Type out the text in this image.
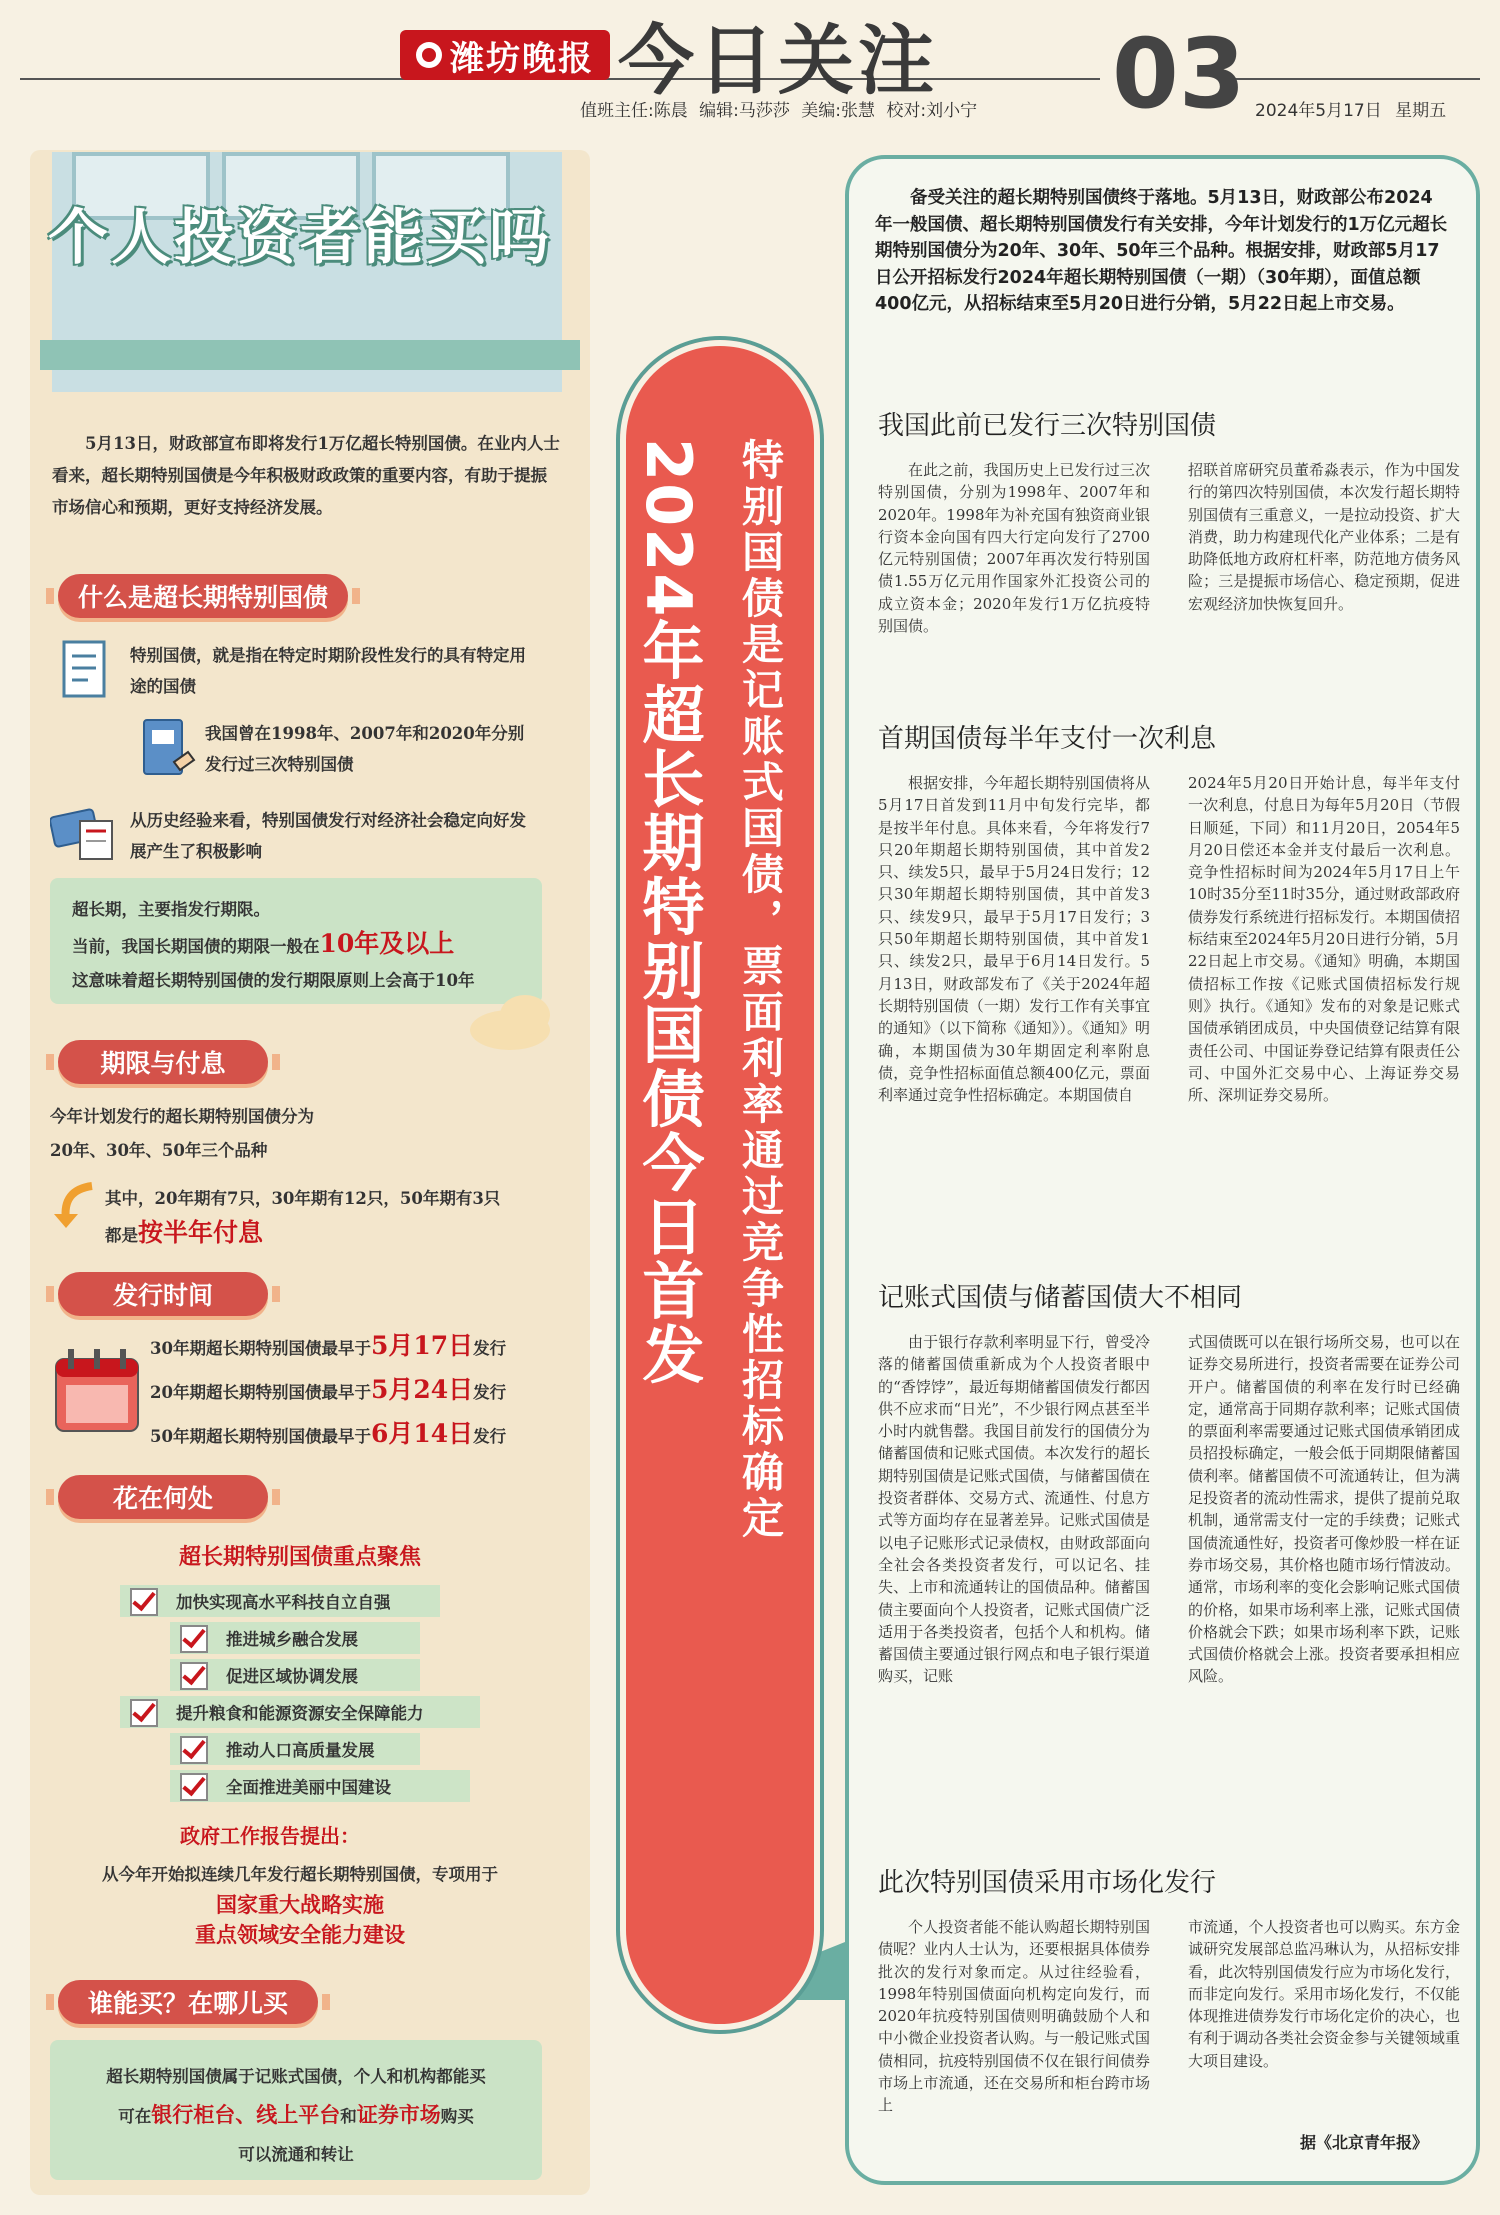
潍坊晚报 今日关注 03
值班主任:陈晨 编辑:马莎莎 美编:张慧 校对:刘小宁	2024年5月17日 星期五
个人投资者能买吗
5月13日，财政部宣布即将发行1万亿超长特别国债。在业内人士看来，超长期特别国债是今年积极财政政策的重要内容，有助于提振市场信心和预期，更好支持经济发展。
什么是超长期特别国债
特别国债，就是指在特定时期阶段性发行的具有特定用途的国债
我国曾在1998年、2007年和2020年分别发行过三次特别国债
从历史经验来看，特别国债发行对经济社会稳定向好发展产生了积极影响
超长期，主要指发行期限。
当前，我国长期国债的期限一般在10年及以上
这意味着超长期特别国债的发行期限原则上会高于10年
期限与付息
今年计划发行的超长期特别国债分为
20年、30年、50年三个品种
其中，20年期有7只，30年期有12只，50年期有3只
都是按半年付息
发行时间
30年期超长期特别国债最早于5月17日发行
20年期超长期特别国债最早于5月24日发行
50年期超长期特别国债最早于6月14日发行
花在何处
超长期特别国债重点聚焦
加快实现高水平科技自立自强
推进城乡融合发展
促进区域协调发展
提升粮食和能源资源安全保障能力
推动人口高质量发展
全面推进美丽中国建设
政府工作报告提出：
从今年开始拟连续几年发行超长期特别国债，专项用于
国家重大战略实施
重点领域安全能力建设
谁能买？在哪儿买
超长期特别国债属于记账式国债，个人和机构都能买
可在银行柜台、线上平台和证券市场购买
可以流通和转让
备受关注的超长期特别国债终于落地。5月13日，财政部公布2024年一般国债、超长期特别国债发行有关安排，今年计划发行的1万亿元超长期特别国债分为20年、30年、50年三个品种。根据安排，财政部5月17日公开招标发行2024年超长期特别国债（一期）（30年期），面值总额400亿元，从招标结束至5月20日进行分销，5月22日起上市交易。
我国此前已发行三次特别国债
在此之前，我国历史上已发行过三次特别国债，分别为1998年、2007年和2020年。1998年为补充国有独资商业银行资本金向国有四大行定向发行了2700亿元特别国债；2007年再次发行特别国债1.55万亿元用作国家外汇投资公司的成立资本金；2020年发行1万亿抗疫特别国债。
招联首席研究员董希淼表示，作为中国发行的第四次特别国债，本次发行超长期特别国债有三重意义，一是拉动投资、扩大消费，助力构建现代化产业体系；二是有助降低地方政府杠杆率，防范地方债务风险；三是提振市场信心、稳定预期，促进宏观经济加快恢复回升。
首期国债每半年支付一次利息
根据安排，今年超长期特别国债将从5月17日首发到11月中旬发行完毕，都是按半年付息。具体来看，今年将发行7只20年期超长期特别国债，其中首发2只、续发5只，最早于5月24日发行；12只30年期超长期特别国债，其中首发3只、续发9只，最早于5月17日发行；3只50年期超长期特别国债，其中首发1只、续发2只，最早于6月14日发行。5月13日，财政部发布了《关于2024年超长期特别国债（一期）发行工作有关事宜的通知》（以下简称《通知》）。《通知》明确，本期国债为30年期固定利率附息债，竞争性招标面值总额400亿元，票面利率通过竞争性招标确定。本期国债自
2024年5月20日开始计息，每半年支付一次利息，付息日为每年5月20日（节假日顺延，下同）和11月20日，2054年5月20日偿还本金并支付最后一次利息。竞争性招标时间为2024年5月17日上午10时35分至11时35分，通过财政部政府债券发行系统进行招标发行。本期国债招标结束至2024年5月20日进行分销，5月22日起上市交易。《通知》明确，本期国债招标工作按《记账式国债招标发行规则》执行。《通知》发布的对象是记账式国债承销团成员，中央国债登记结算有限责任公司、中国证券登记结算有限责任公司、中国外汇交易中心、上海证券交易所、深圳证券交易所。
记账式国债与储蓄国债大不相同
由于银行存款利率明显下行，曾受冷落的储蓄国债重新成为个人投资者眼中的“香饽饽”，最近每期储蓄国债发行都因供不应求而“日光”，不少银行网点甚至半小时内就售罄。我国目前发行的国债分为储蓄国债和记账式国债。本次发行的超长期特别国债是记账式国债，与储蓄国债在投资者群体、交易方式、流通性、付息方式等方面均存在显著差异。记账式国债是以电子记账形式记录债权，由财政部面向全社会各类投资者发行，可以记名、挂失、上市和流通转让的国债品种。储蓄国债主要面向个人投资者，记账式国债广泛适用于各类投资者，包括个人和机构。储蓄国债主要通过银行网点和电子银行渠道购买，记账
式国债既可以在银行场所交易，也可以在证券交易所进行，投资者需要在证券公司开户。储蓄国债的利率在发行时已经确定，通常高于同期存款利率；记账式国债的票面利率需要通过记账式国债承销团成员招投标确定，一般会低于同期限储蓄国债利率。储蓄国债不可流通转让，但为满足投资者的流动性需求，提供了提前兑取机制，通常需支付一定的手续费；记账式国债流通性好，投资者可像炒股一样在证券市场交易，其价格也随市场行情波动。通常，市场利率的变化会影响记账式国债的价格，如果市场利率上涨，记账式国债价格就会下跌；如果市场利率下跌，记账式国债价格就会上涨。投资者要承担相应风险。
此次特别国债采用市场化发行
个人投资者能不能认购超长期特别国债呢？业内人士认为，还要根据具体债券批次的发行对象而定。从过往经验看，1998年特别国债面向机构定向发行，而2020年抗疫特别国债则明确鼓励个人和中小微企业投资者认购。与一般记账式国债相同，抗疫特别国债不仅在银行间债券市场上市流通，还在交易所和柜台跨市场上
市流通，个人投资者也可以购买。东方金诚研究发展部总监冯琳认为，从招标安排看，此次特别国债发行应为市场化发行，而非定向发行。采用市场化发行，不仅能体现推进债券发行市场化定价的决心，也有利于调动各类社会资金参与关键领域重大项目建设。
据《北京青年报》
2024年超长期特别国债今日首发 特别国债是记账式国债，票面利率通过竞争性招标确定
